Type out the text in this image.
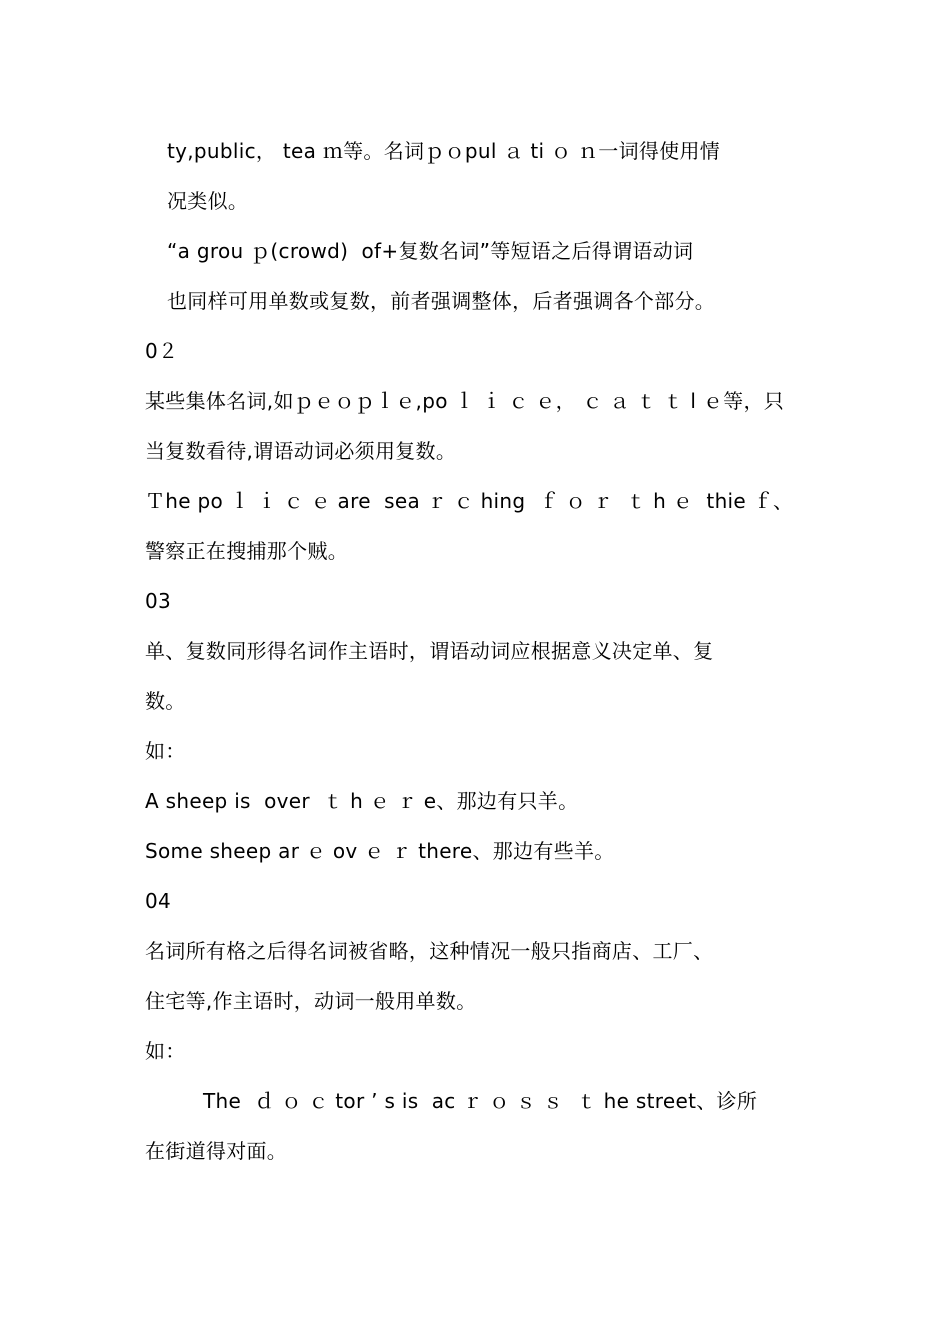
ty,public， tea ｍ等。名词ｐｏpul ａ ti ｏ ｎ一词得使用情
况类似。
“a grou ｐ(crowd)  of+复数名词”等短语之后得谓语动词
也同样可用单数或复数，前者强调整体，后者强调各个部分。
0２
某些集体名词,如ｐｅｏｐｌｅ,po ｌ ｉ ｃ ｅ， ｃ ａ ｔ ｔ l ｅ等，只
当复数看待,谓语动词必须用复数。
Ｔhe po ｌ ｉ ｃ ｅ are  sea ｒ ｃ hing  ｆ ｏ ｒ  ｔ h ｅ  thie ｆ、
警察正在搜捕那个贼。
03
单、复数同形得名词作主语时，谓语动词应根据意义决定单、复
数。
如：
A sheep is  over  ｔ h ｅ ｒ e、那边有只羊。
Some sheep ar ｅ ov ｅ ｒ there、那边有些羊。
04
名词所有格之后得名词被省略，这种情况一般只指商店、工厂、
住宅等,作主语时，动词一般用单数。
如：
The  ｄ ｏ ｃ tor ’ s is  ac ｒ ｏ ｓ ｓ  ｔ he street、诊所
在街道得对面。
